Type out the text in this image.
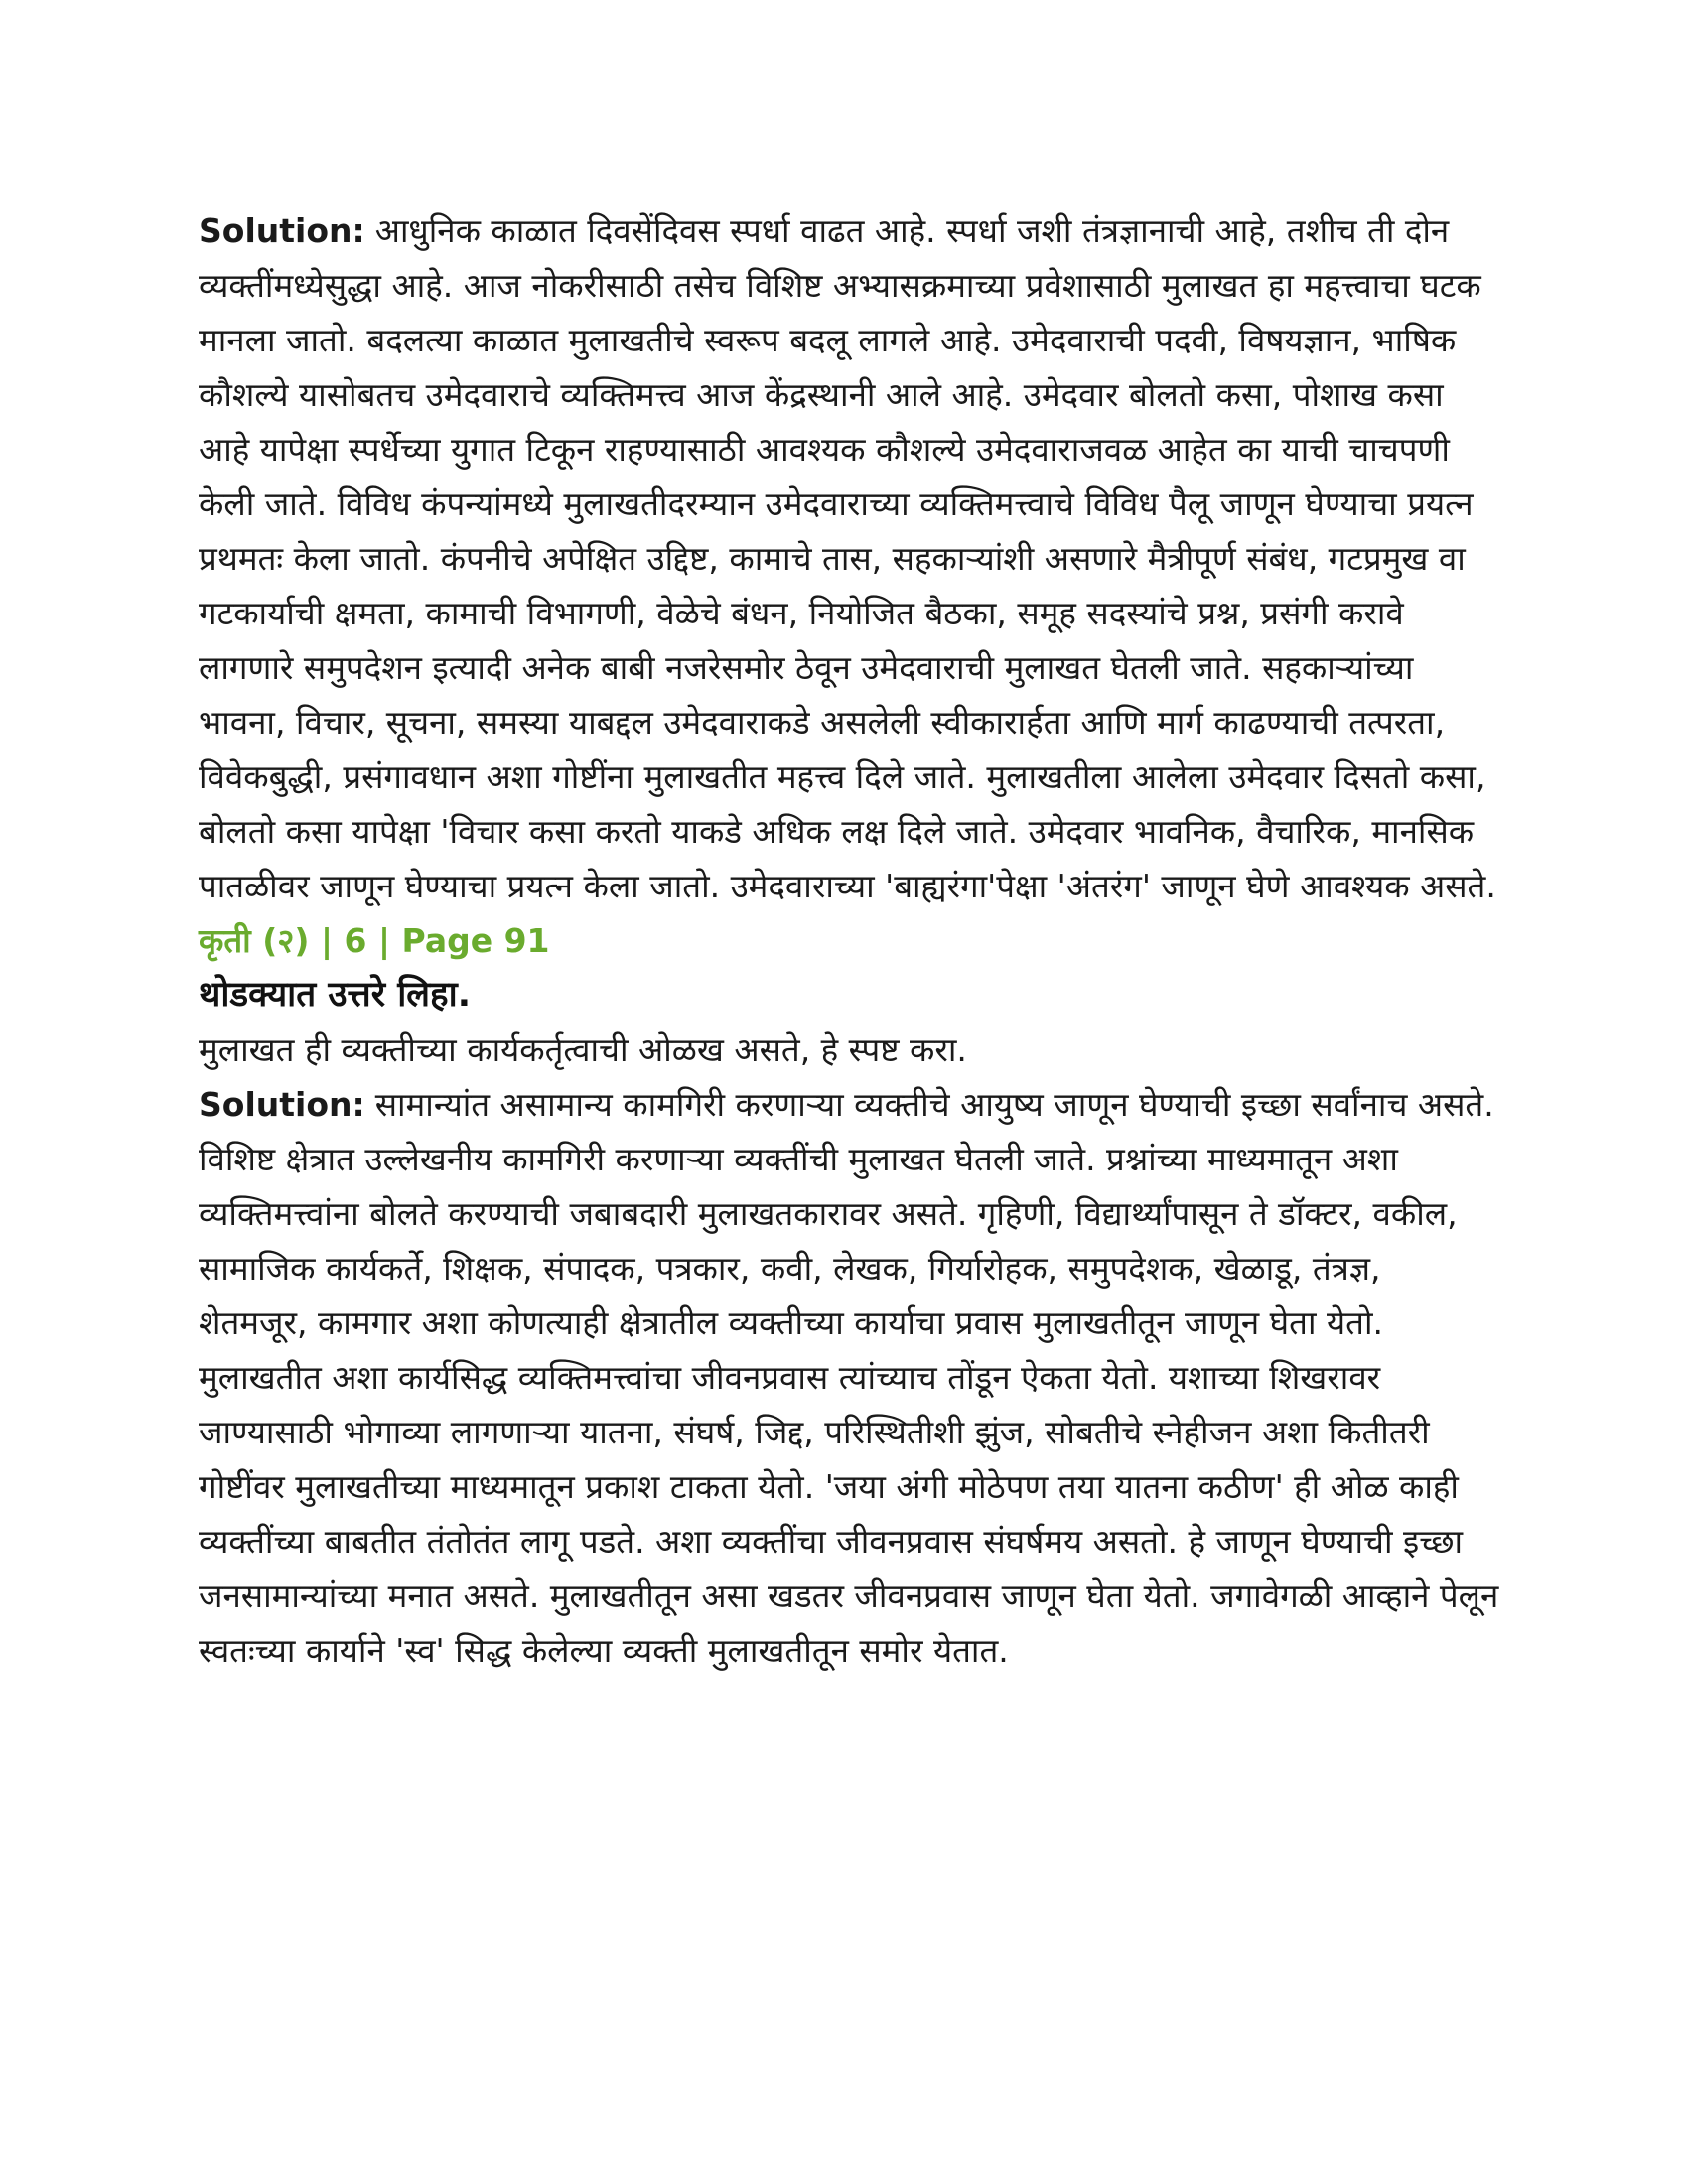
Solution: आधुनिक काळात दिवसेंदिवस स्पर्धा वाढत आहे. स्पर्धा जशी तंत्रज्ञानाची आहे, तशीच ती दोन व्यक्तींमध्येसुद्धा आहे. आज नोकरीसाठी तसेच विशिष्ट अभ्यासक्रमाच्या प्रवेशासाठी मुलाखत हा महत्त्वाचा घटक मानला जातो. बदलत्या काळात मुलाखतीचे स्वरूप बदलू लागले आहे. उमेदवाराची पदवी, विषयज्ञान, भाषिक कौशल्ये यासोबतच उमेदवाराचे व्यक्तिमत्त्व आज केंद्रस्थानी आले आहे. उमेदवार बोलतो कसा, पोशाख कसा आहे यापेक्षा स्पर्धेच्या युगात टिकून राहण्यासाठी आवश्यक कौशल्ये उमेदवाराजवळ आहेत का याची चाचपणी केली जाते. विविध कंपन्यांमध्ये मुलाखतीदरम्यान उमेदवाराच्या व्यक्तिमत्त्वाचे विविध पैलू जाणून घेण्याचा प्रयत्न प्रथमतः केला जातो. कंपनीचे अपेक्षित उद्दिष्ट, कामाचे तास, सहकाऱ्यांशी असणारे मैत्रीपूर्ण संबंध, गटप्रमुख वा गटकार्याची क्षमता, कामाची विभागणी, वेळेचे बंधन, नियोजित बैठका, समूह सदस्यांचे प्रश्न, प्रसंगी करावे लागणारे समुपदेशन इत्यादी अनेक बाबी नजरेसमोर ठेवून उमेदवाराची मुलाखत घेतली जाते. सहकाऱ्यांच्या भावना, विचार, सूचना, समस्या याबद्दल उमेदवाराकडे असलेली स्वीकारार्हता आणि मार्ग काढण्याची तत्परता, विवेकबुद्धी, प्रसंगावधान अशा गोष्टींना मुलाखतीत महत्त्व दिले जाते. मुलाखतीला आलेला उमेदवार दिसतो कसा, बोलतो कसा यापेक्षा 'विचार कसा करतो याकडे अधिक लक्ष दिले जाते. उमेदवार भावनिक, वैचारिक, मानसिक पातळीवर जाणून घेण्याचा प्रयत्न केला जातो. उमेदवाराच्या 'बाह्यरंगा'पेक्षा 'अंतरंग' जाणून घेणे आवश्यक असते.

कृती (२) | 6 | Page 91

थोडक्यात उत्तरे लिहा.

मुलाखत ही व्यक्तीच्या कार्यकर्तृत्वाची ओळख असते, हे स्पष्ट करा.

Solution: सामान्यांत असामान्य कामगिरी करणाऱ्या व्यक्तीचे आयुष्य जाणून घेण्याची इच्छा सर्वांनाच असते. विशिष्ट क्षेत्रात उल्लेखनीय कामगिरी करणाऱ्या व्यक्तींची मुलाखत घेतली जाते. प्रश्नांच्या माध्यमातून अशा व्यक्तिमत्त्वांना बोलते करण्याची जबाबदारी मुलाखतकारावर असते. गृहिणी, विद्यार्थ्यांपासून ते डॉक्टर, वकील, सामाजिक कार्यकर्ते, शिक्षक, संपादक, पत्रकार, कवी, लेखक, गिर्यारोहक, समुपदेशक, खेळाडू, तंत्रज्ञ, शेतमजूर, कामगार अशा कोणत्याही क्षेत्रातील व्यक्तीच्या कार्याचा प्रवास मुलाखतीतून जाणून घेता येतो. मुलाखतीत अशा कार्यसिद्ध व्यक्तिमत्त्वांचा जीवनप्रवास त्यांच्याच तोंडून ऐकता येतो. यशाच्या शिखरावर जाण्यासाठी भोगाव्या लागणाऱ्या यातना, संघर्ष, जिद्द, परिस्थितीशी झुंज, सोबतीचे स्नेहीजन अशा कितीतरी गोष्टींवर मुलाखतीच्या माध्यमातून प्रकाश टाकता येतो. 'जया अंगी मोठेपण तया यातना कठीण' ही ओळ काही व्यक्तींच्या बाबतीत तंतोतंत लागू पडते. अशा व्यक्तींचा जीवनप्रवास संघर्षमय असतो. हे जाणून घेण्याची इच्छा जनसामान्यांच्या मनात असते. मुलाखतीतून असा खडतर जीवनप्रवास जाणून घेता येतो. जगावेगळी आव्हाने पेलून स्वतःच्या कार्याने 'स्व' सिद्ध केलेल्या व्यक्ती मुलाखतीतून समोर येतात.
